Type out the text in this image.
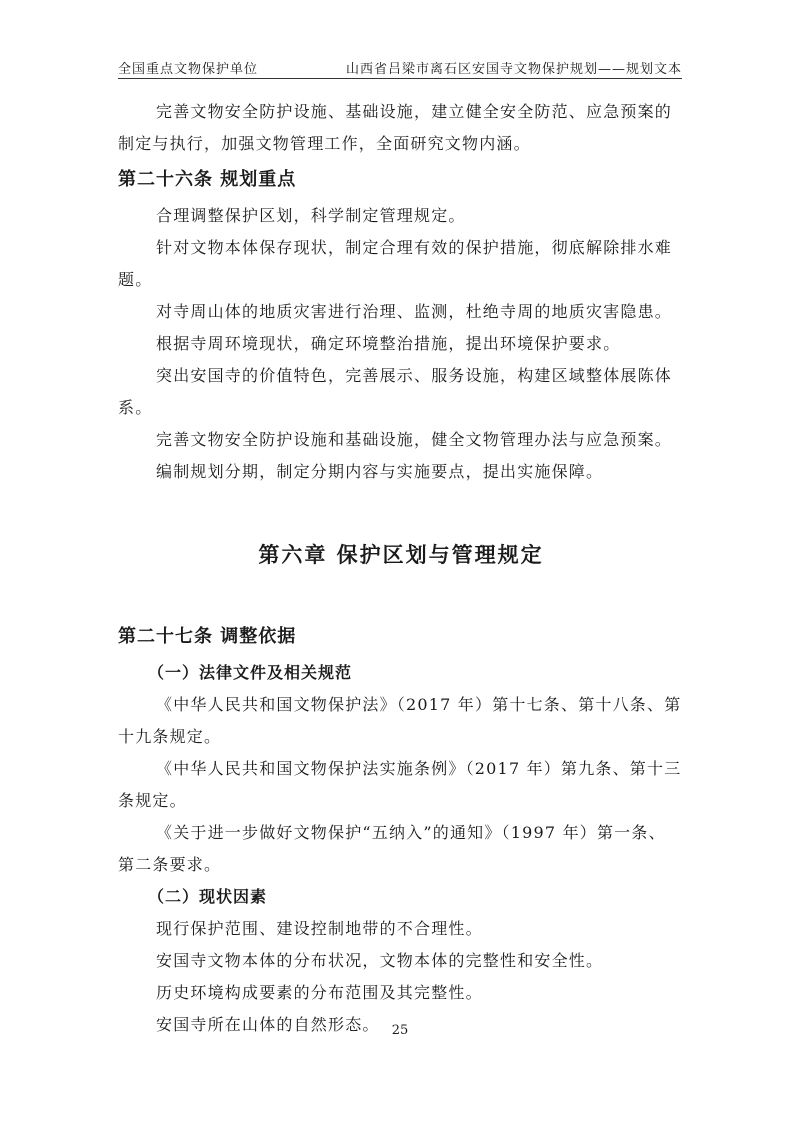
全国重点文物保护单位	山西省吕梁市离石区安国寺文物保护规划——规划文本

完善文物安全防护设施、基础设施，建立健全安全防范、应急预案的

制定与执行，加强文物管理工作，全面研究文物内涵。

第二十六条 规划重点

合理调整保护区划，科学制定管理规定。

针对文物本体保存现状，制定合理有效的保护措施，彻底解除排水难

题。

对寺周山体的地质灾害进行治理、监测，杜绝寺周的地质灾害隐患。

根据寺周环境现状，确定环境整治措施，提出环境保护要求。

突出安国寺的价值特色，完善展示、服务设施，构建区域整体展陈体

系。

完善文物安全防护设施和基础设施，健全文物管理办法与应急预案。

编制规划分期，制定分期内容与实施要点，提出实施保障。

第六章 保护区划与管理规定
第二十七条 调整依据

（一）法律文件及相关规范

《中华人民共和国文物保护法》（2017 年）第十七条、第十八条、第

十九条规定。

《中华人民共和国文物保护法实施条例》（2017 年）第九条、第十三

条规定。

《关于进一步做好文物保护“五纳入”的通知》（1997 年）第一条、

第二条要求。

（二）现状因素

现行保护范围、建设控制地带的不合理性。

安国寺文物本体的分布状况，文物本体的完整性和安全性。

历史环境构成要素的分布范围及其完整性。

安国寺所在山体的自然形态。 25
